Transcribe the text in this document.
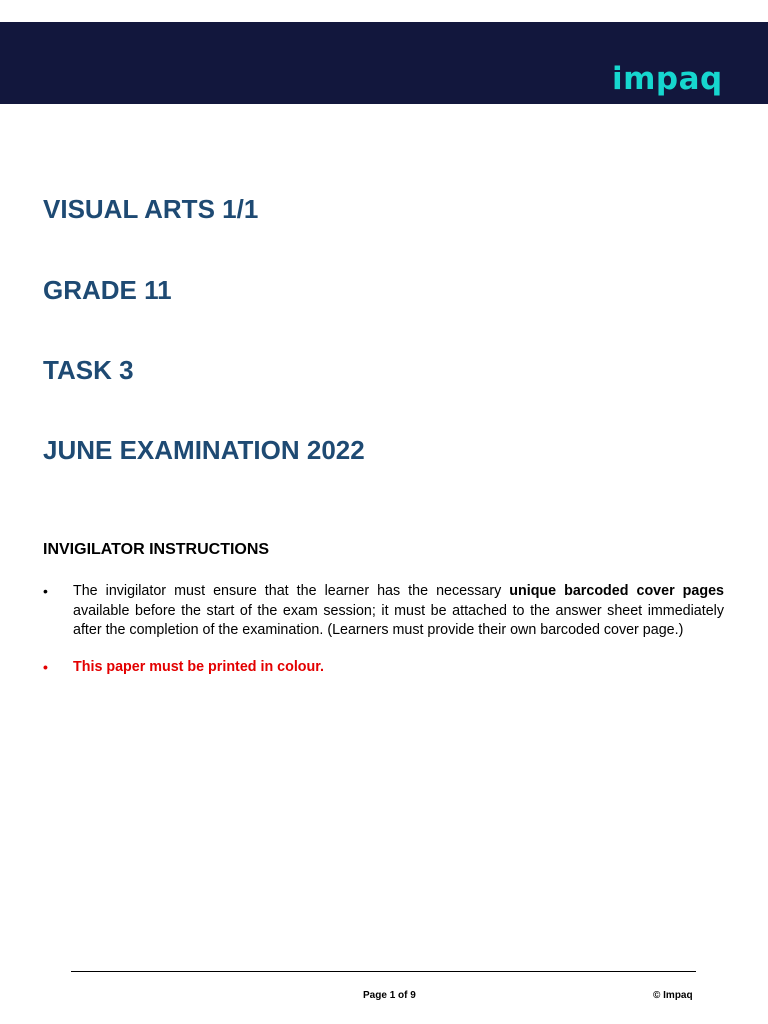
impaq
VISUAL ARTS 1/1
GRADE 11
TASK 3
JUNE EXAMINATION 2022
INVIGILATOR INSTRUCTIONS
• The invigilator must ensure that the learner has the necessary unique barcoded cover pages available before the start of the exam session; it must be attached to the answer sheet immediately after the completion of the examination. (Learners must provide their own barcoded cover page.)
• This paper must be printed in colour.
Page 1 of 9	© Impaq
